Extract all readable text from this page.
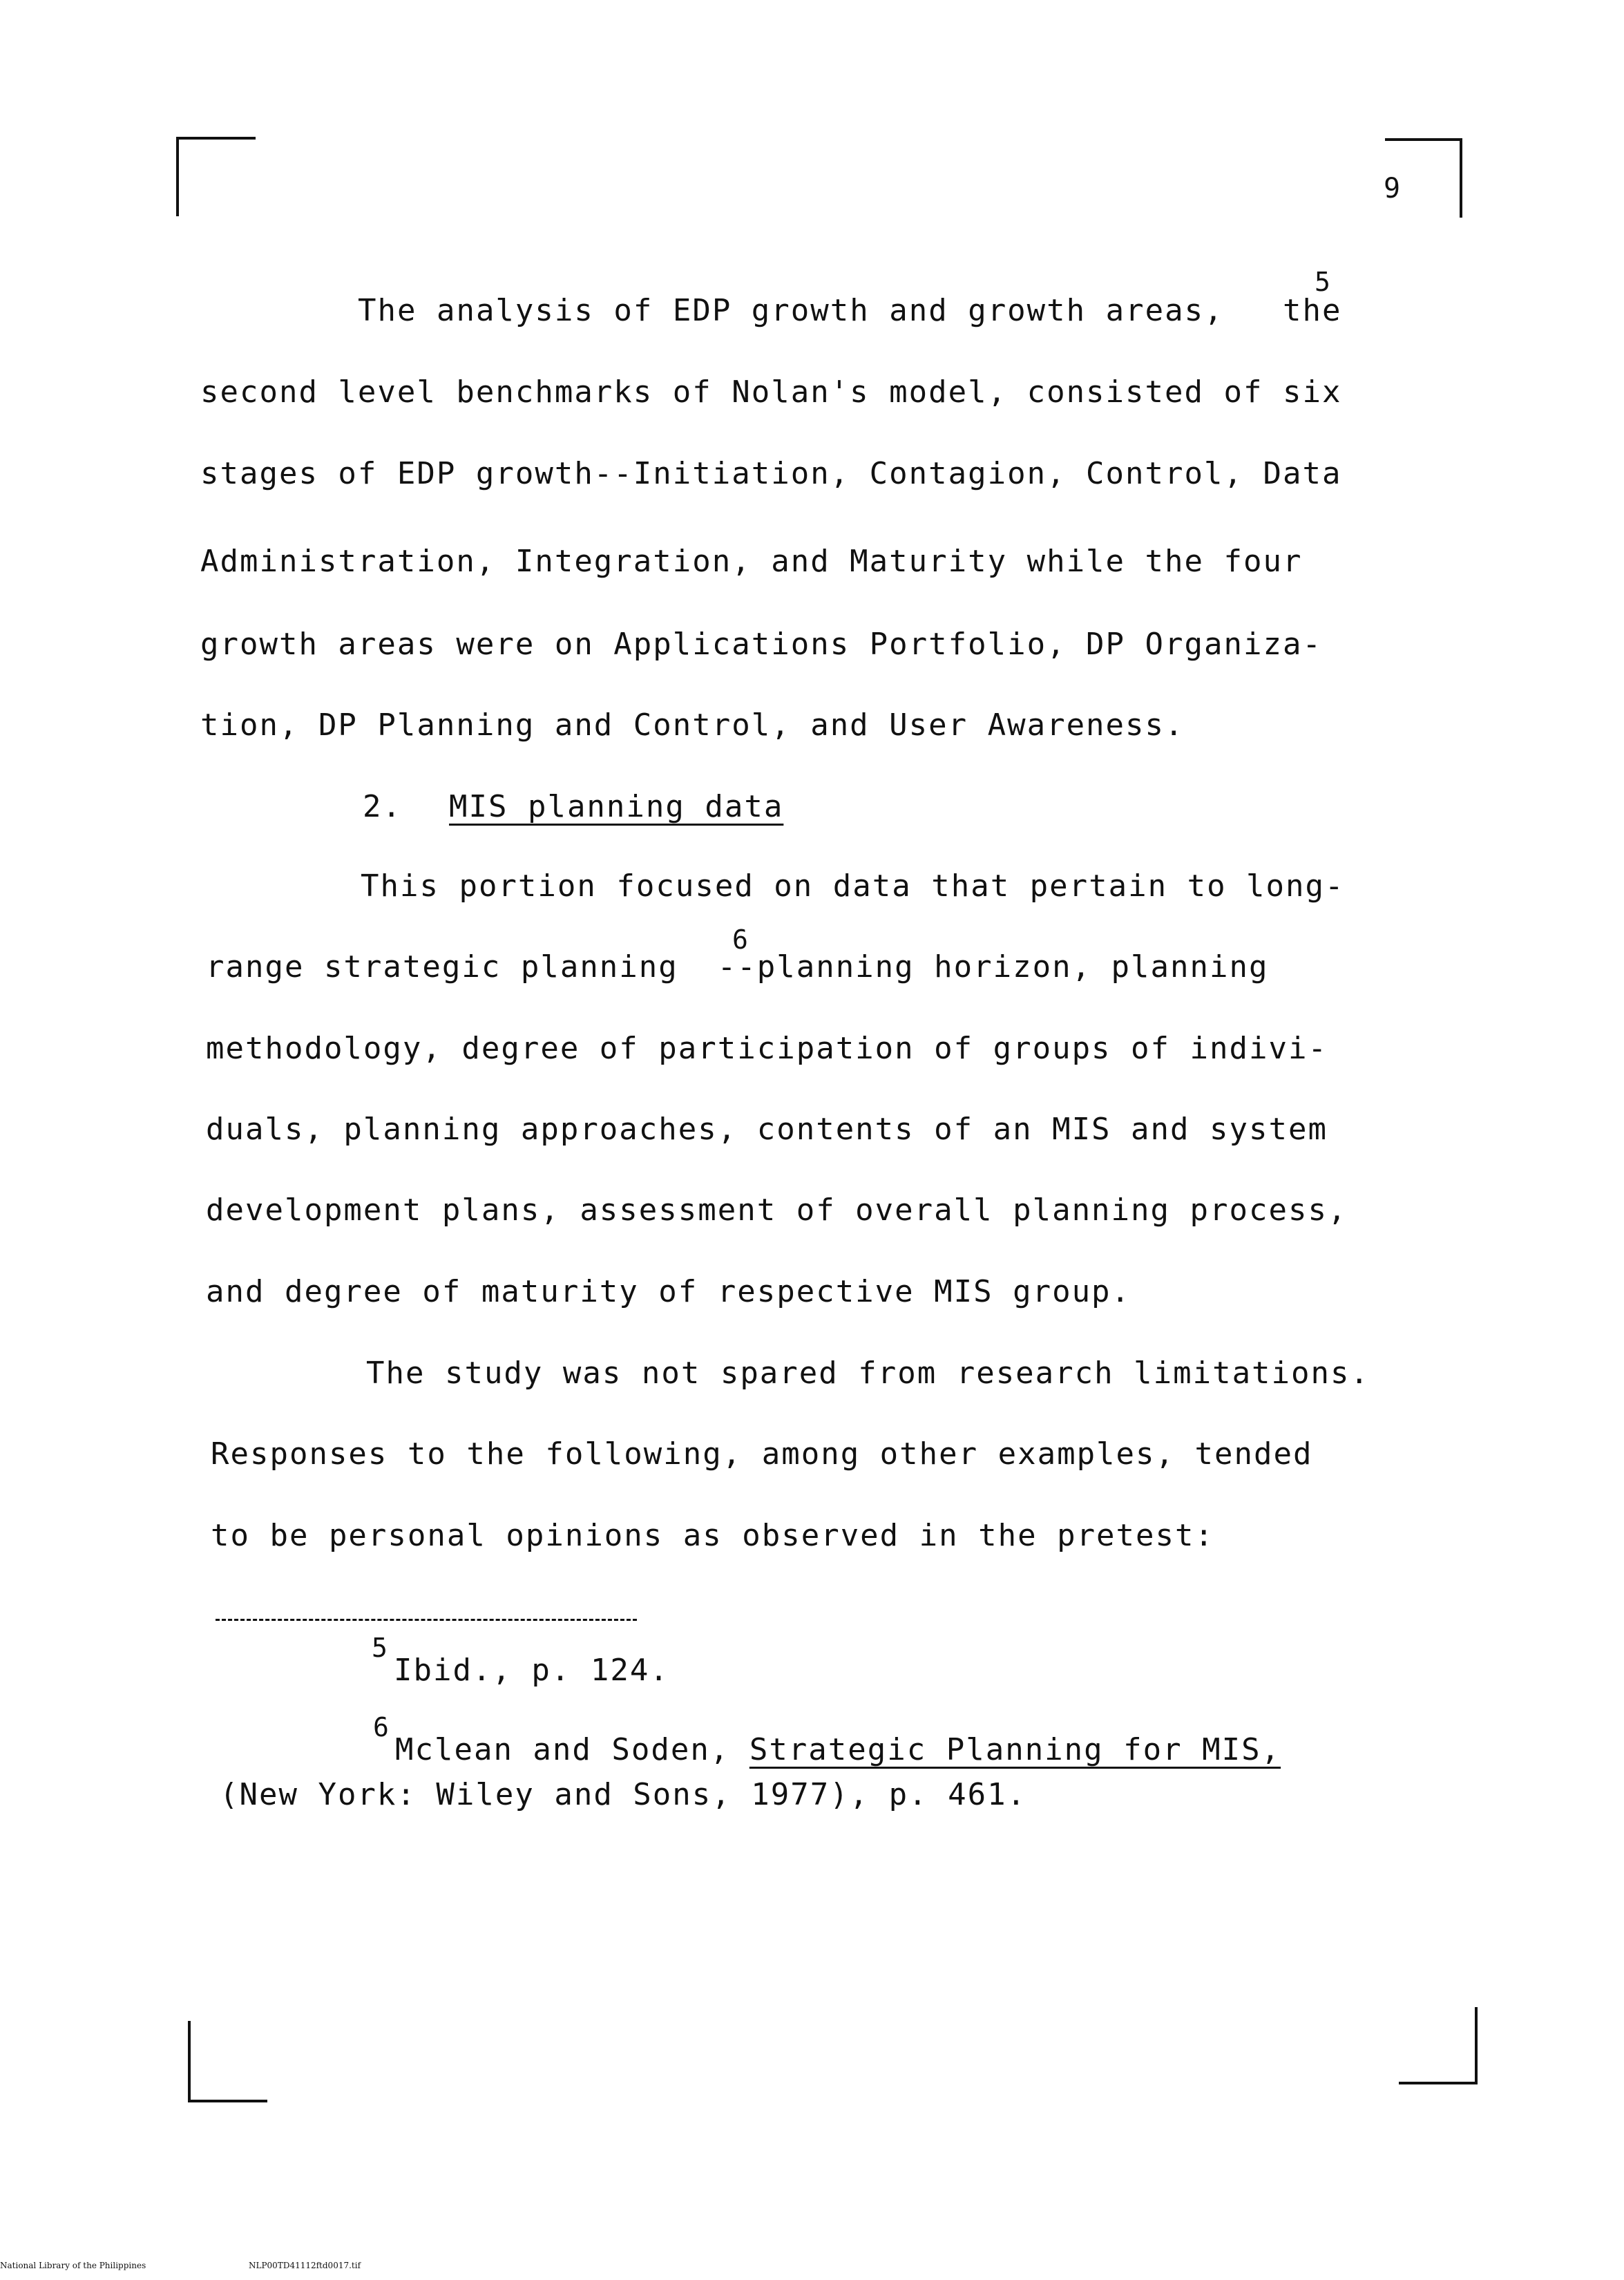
9
The analysis of EDP growth and growth areas,   the
5
second level benchmarks of Nolan's model, consisted of six
stages of EDP growth--Initiation, Contagion, Control, Data
Administration, Integration, and Maturity while the four
growth areas were on Applications Portfolio, DP Organiza-
tion, DP Planning and Control, and User Awareness.
2. MIS planning data
This portion focused on data that pertain to long-
6
range strategic planning  --planning horizon, planning
methodology, degree of participation of groups of indivi-
duals, planning approaches, contents of an MIS and system
development plans, assessment of overall planning process,
and degree of maturity of respective MIS group.
The study was not spared from research limitations.
Responses to the following, among other examples, tended
to be personal opinions as observed in the pretest:
5
Ibid., p. 124.
6
Mclean and Soden, Strategic Planning for MIS,
(New York: Wiley and Sons, 1977), p. 461.
National Library of the Philippines	NLP00TD41112ftd0017.tif
